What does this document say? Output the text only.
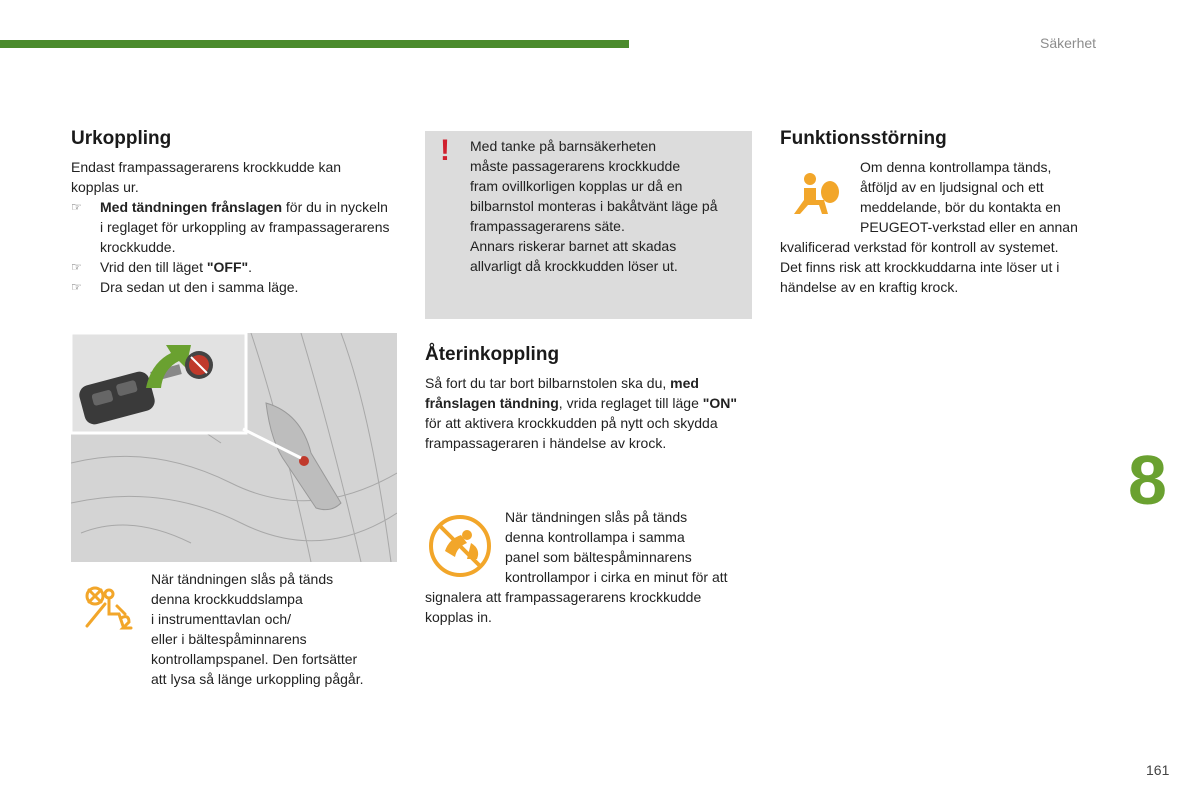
Säkerhet
Urkoppling
Endast frampassagerarens krockkudde kan kopplas ur.
☞ Med tändningen frånslagen för du in nyckeln i reglaget för urkoppling av frampassagerarens krockkudde.
☞ Vrid den till läget "OFF".
☞ Dra sedan ut den i samma läge.
När tändningen slås på tänds
denna krockkuddslampa
i instrumenttavlan och/
eller i bältespåminnarens
kontrollampspanel. Den fortsätter
att lysa så länge urkoppling pågår.
! Med tanke på barnsäkerheten
måste passagerarens krockkudde
fram ovillkorligen kopplas ur då en
bilbarnstol monteras i bakåtvänt läge på
frampassagerarens säte.
Annars riskerar barnet att skadas
allvarligt då krockkudden löser ut.
Återinkoppling
Så fort du tar bort bilbarnstolen ska du, med frånslagen tändning, vrida reglaget till läge "ON" för att aktivera krockkudden på nytt och skydda frampassageraren i händelse av krock.
När tändningen slås på tänds
denna kontrollampa i samma
panel som bältespåminnarens
kontrollampor i cirka en minut för att
signalera att frampassagerarens krockkudde
kopplas in.
Funktionsstörning
Om denna kontrollampa tänds,
åtföljd av en ljudsignal och ett
meddelande, bör du kontakta en
PEUGEOT-verkstad eller en annan
kvalificerad verkstad för kontroll av systemet.
Det finns risk att krockkuddarna inte löser ut i
händelse av en kraftig krock.
8
161
